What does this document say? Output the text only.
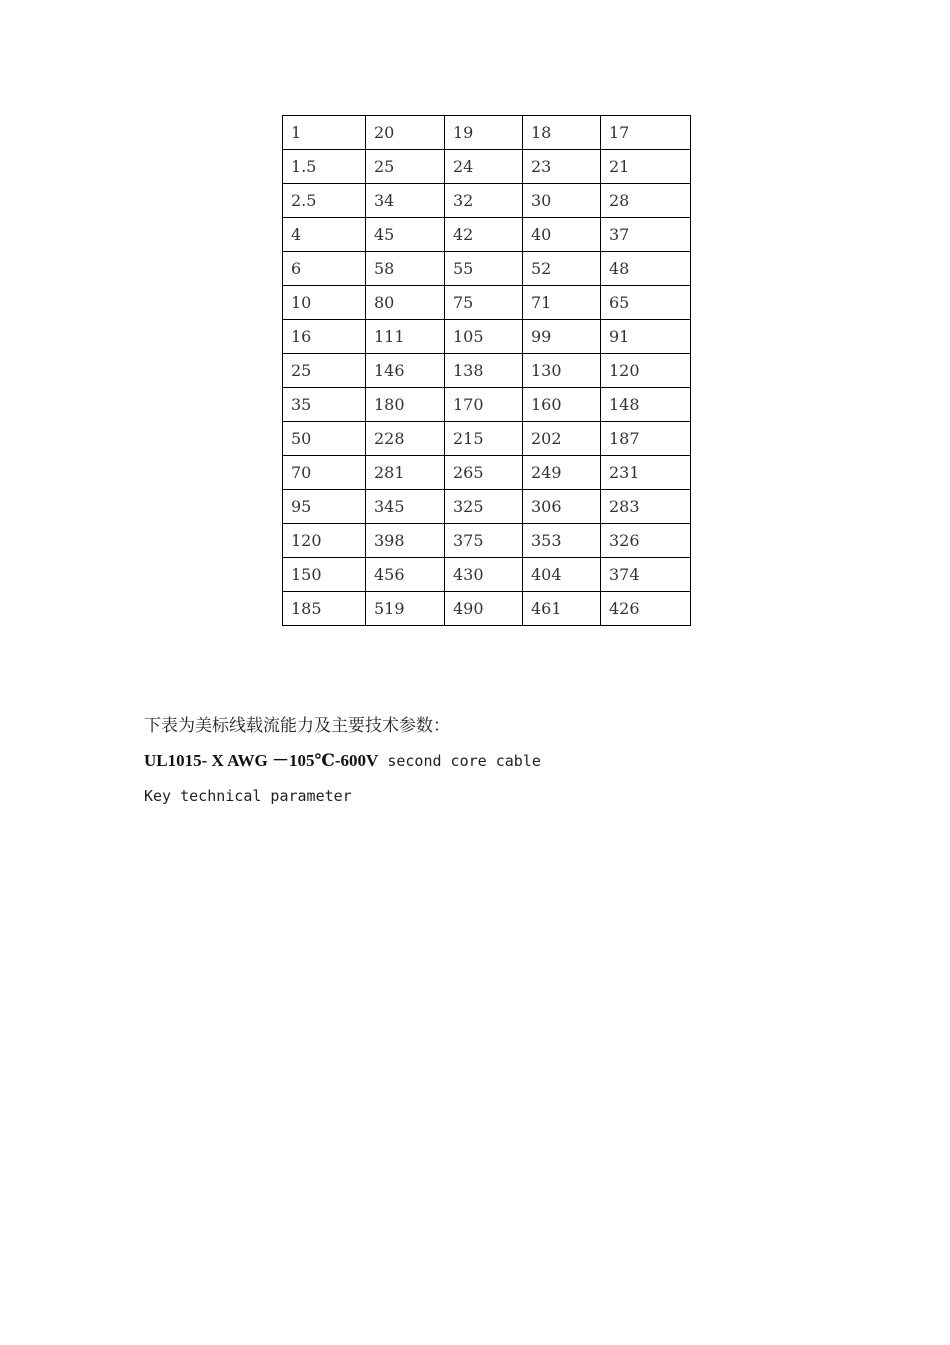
1	20	19	18	17
1.5	25	24	23	21
2.5	34	32	30	28
4	45	42	40	37
6	58	55	52	48
10	80	75	71	65
16	111	105	99	91
25	146	138	130	120
35	180	170	160	148
50	228	215	202	187
70	281	265	249	231
95	345	325	306	283
120	398	375	353	326
150	456	430	404	374
185	519	490	461	426
下表为美标线载流能力及主要技术参数：
UL1015- X AWG －105℃-600V second core cable
Key technical parameter
